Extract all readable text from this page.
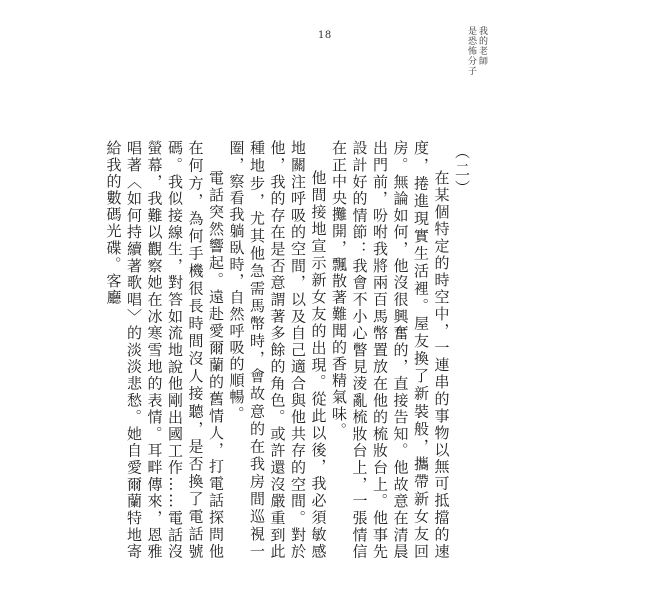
18	我的老師
是恐怖分子
（二）

在某個特定的時空中，一連串的事物以無可抵擋的速度，捲進現實生活裡。屋友換了新裝般，攜帶新女友回房。無論如何，他沒很興奮的，直接告知。他故意在清晨出門前，吩咐我將兩百馬幣置放在他的梳妝台上。他事先設計好的情節：我會不小心瞥見淩亂梳妝台上，一張情信在正中央攤開，飄散著難聞的香精氣味。

他間接地宣示新女友的出現。從此以後，我必須敏感地關注呼吸的空間，以及自己適合與他共存的空間。對於他，我的存在是否意謂著多餘的角色。或許還沒嚴重到此種地步，尤其他急需馬幣時，會故意的在我房間巡視一圈，察看我躺臥時，自然呼吸的順暢。

電話突然響起。遠赴愛爾蘭的舊情人，打電話探問他在何方，為何手機很長時間沒人接聽，是否換了電話號碼。我似接線生，對答如流地說他剛出國工作……電話沒螢幕，我難以觀察她在冰寒雪地的表情。耳畔傳來，恩雅唱著〈如何持續著歌唱〉的淡淡悲愁。她自愛爾蘭特地寄給我的數碼光碟。客廳
